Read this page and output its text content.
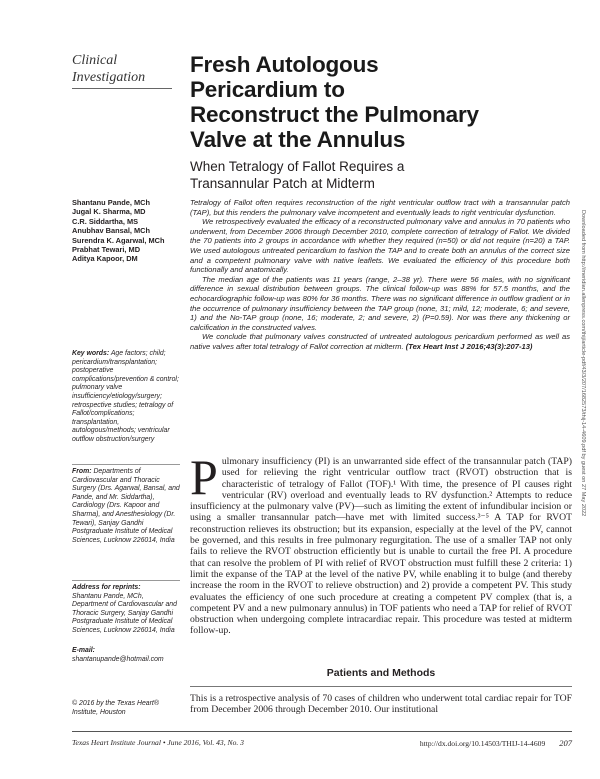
Clinical
Investigation
Fresh Autologous
Pericardium to
Reconstruct the Pulmonary
Valve at the Annulus
When Tetralogy of Fallot Requires a
Transannular Patch at Midterm
Shantanu Pande, MCh
Jugal K. Sharma, MD
C.R. Siddartha, MS
Anubhav Bansal, MCh
Surendra K. Agarwal, MCh
Prabhat Tewari, MD
Aditya Kapoor, DM

Tetralogy of Fallot often requires reconstruction of the right ventricular outflow tract with a transannular patch (TAP), but this renders the pulmonary valve incompetent and eventually leads to right ventricular dysfunction.

We retrospectively evaluated the efficacy of a reconstructed pulmonary valve and annulus in 70 patients who underwent, from December 2006 through December 2010, complete correction of tetralogy of Fallot. We divided the 70 patients into 2 groups in accordance with whether they required (n=50) or did not require (n=20) a TAP. We used autologous untreated pericardium to fashion the TAP and to create both an annulus of the correct size and a competent pulmonary valve with native leaflets. We evaluated the efficiency of this procedure both functionally and anatomically.

The median age of the patients was 11 years (range, 2–38 yr). There were 56 males, with no significant difference in sexual distribution between groups. The clinical follow-up was 88% for 57.5 months, and the echocardiographic follow-up was 80% for 36 months. There was no significant difference in outflow gradient or in the occurrence of pulmonary insufficiency between the TAP group (none, 31; mild, 12; moderate, 6; and severe, 1) and the No-TAP group (none, 16; moderate, 2; and severe, 2) (P=0.59). Nor was there any thickening or calcification in the constructed valves.

We conclude that pulmonary valves constructed of untreated autologous pericardium performed as well as native valves after total tetralogy of Fallot correction at midterm. (Tex Heart Inst J 2016;43(3):207-13)

Key words: Age factors; child; pericardium/transplantation; postoperative complications/prevention & control; pulmonary valve insufficiency/etiology/surgery; retrospective studies; tetralogy of Fallot/complications; transplantation, autologous/methods; ventricular outflow obstruction/surgery
From: Departments of Cardiovascular and Thoracic Surgery (Drs. Agarwal, Bansal, and Pande, and Mr. Siddartha), Cardiology (Drs. Kapoor and Sharma), and Anesthesiology (Dr. Tewari), Sanjay Gandhi Postgraduate Institute of Medical Sciences, Lucknow 226014, India
Address for reprints:
Shantanu Pande, MCh, Department of Cardiovascular and Thoracic Surgery, Sanjay Gandhi Postgraduate Institute of Medical Sciences, Lucknow 226014, India
E-mail: shantanupande@hotmail.com
© 2016 by the Texas Heart® Institute, Houston

Pulmonary insufficiency (PI) is an unwarranted side effect of the transannular patch (TAP) used for relieving the right ventricular outflow tract (RVOT) obstruction that is characteristic of tetralogy of Fallot (TOF).¹ With time, the presence of PI causes right ventricular (RV) overload and eventually leads to RV dysfunction.² Attempts to reduce insufficiency at the pulmonary valve (PV)—such as limiting the extent of infundibular incision or using a smaller transannular patch—have met with limited success.³⁻⁵ A TAP for RVOT reconstruction relieves its obstruction; but its expansion, especially at the level of the PV, cannot be governed, and this results in free pulmonary regurgitation. The use of a smaller TAP not only fails to relieve the RVOT obstruction efficiently but is unable to curtail the free PI. A procedure that can resolve the problem of PI with relief of RVOT obstruction must fulfill these 2 criteria: 1) limit the expanse of the TAP at the level of the native PV, while enabling it to bulge (and thereby increase the room in the RVOT to relieve obstruction) and 2) provide a competent PV. This study evaluates the efficiency of one such procedure at creating a competent PV complex (that is, a competent PV and a new pulmonary annulus) in TOF patients who need a TAP for relief of RVOT obstruction when undergoing complete intracardiac repair. This procedure was tested at midterm follow-up.

Patients and Methods

This is a retrospective analysis of 70 cases of children who underwent total cardiac repair for TOF from December 2006 through December 2010. Our institutional

Texas Heart Institute Journal • June 2016, Vol. 43, No. 3	http://dx.doi.org/10.14503/THIJ-14-4609 207
Downloaded from http://meridian.allenpress.com/thij/article-pdf/43/3/207/1682573/thij-14-4609.pdf by guest on 27 May 2022
